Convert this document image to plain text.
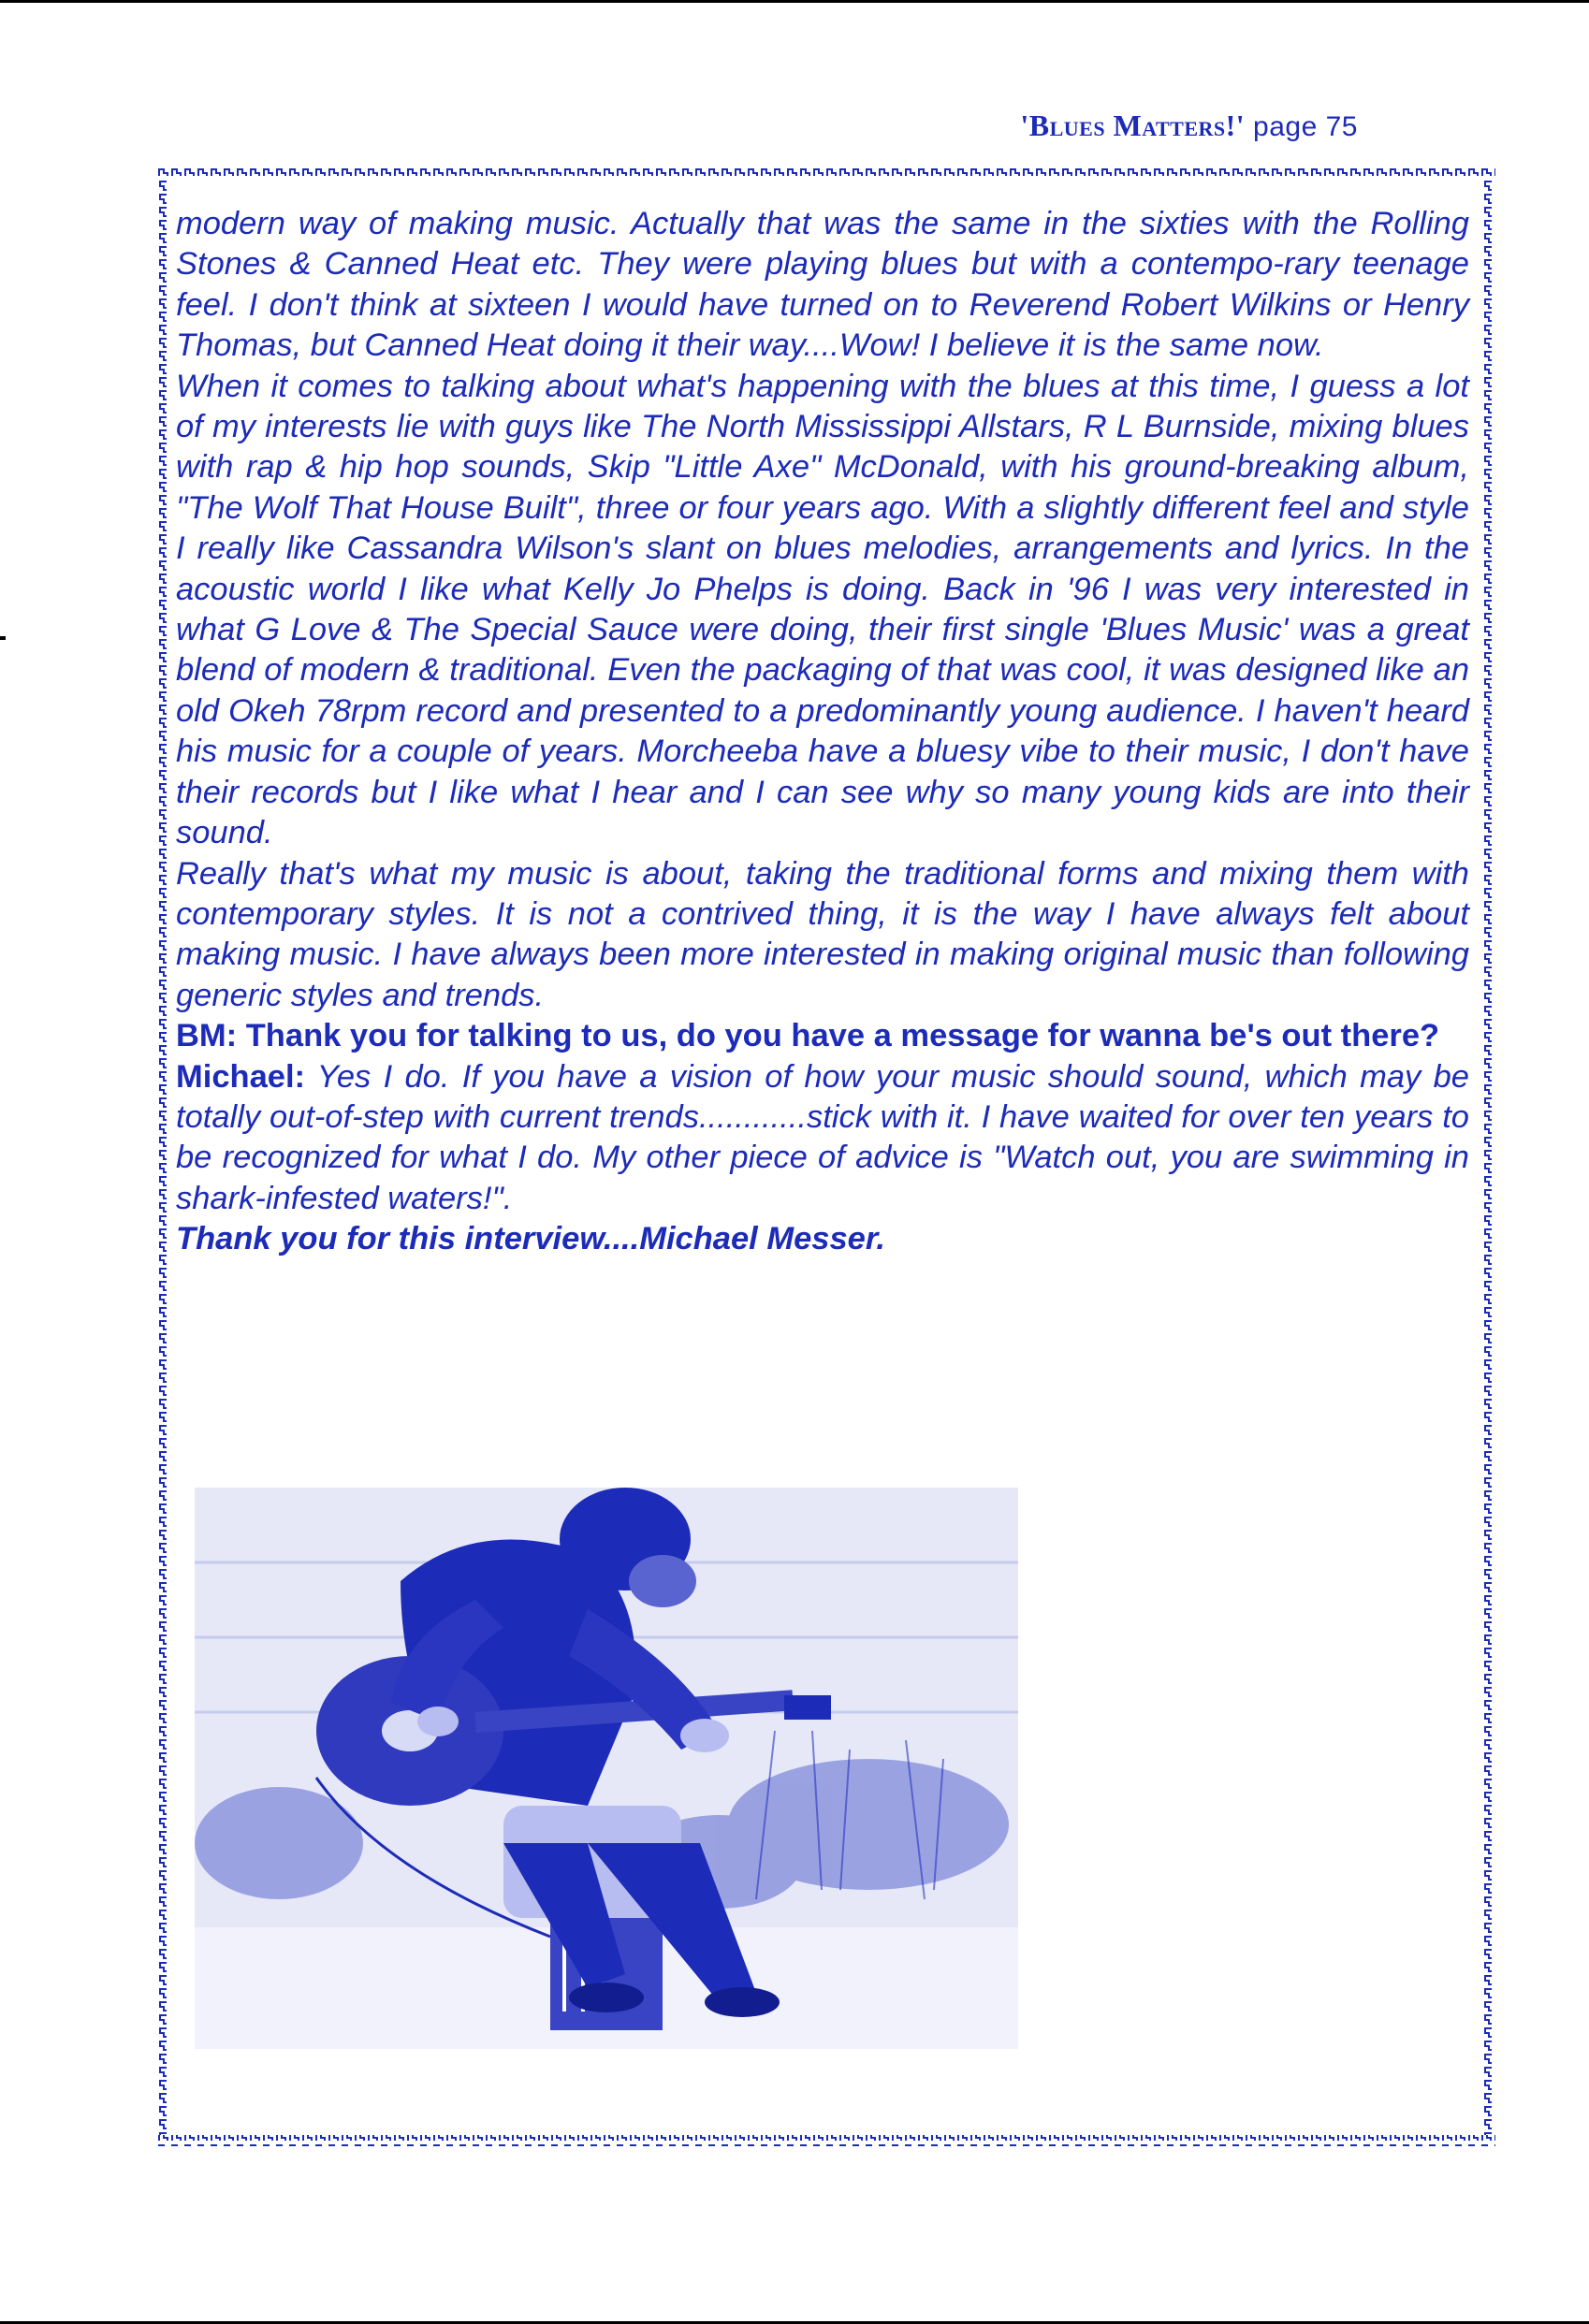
'Blues Matters!' page 75

modern way of making music. Actually that was the same in the sixties with the Rolling Stones & Canned Heat etc. They were playing blues but with a contempo-rary teenage feel. I don't think at sixteen I would have turned on to Reverend Robert Wilkins or Henry Thomas, but Canned Heat doing it their way....Wow! I believe it is the same now.

When it comes to talking about what's happening with the blues at this time, I guess a lot of my interests lie with guys like The North Mississippi Allstars, R L Burnside, mixing blues with rap & hip hop sounds, Skip "Little Axe" McDonald, with his ground-breaking album, "The Wolf That House Built", three or four years ago. With a slightly different feel and style I really like Cassandra Wilson's slant on blues melodies, arrangements and lyrics. In the acoustic world I like what Kelly Jo Phelps is doing. Back in '96 I was very interested in what G Love & The Special Sauce were doing, their first single 'Blues Music' was a great blend of modern & traditional. Even the packaging of that was cool, it was designed like an old Okeh 78rpm record and presented to a predominantly young audience. I haven't heard his music for a couple of years. Morcheeba have a bluesy vibe to their music, I don't have their records but I like what I hear and I can see why so many young kids are into their sound.

Really that's what my music is about, taking the traditional forms and mixing them with contemporary styles. It is not a contrived thing, it is the way I have always felt about making music. I have always been more interested in making original music than following generic styles and trends.

BM: Thank you for talking to us, do you have a message for wanna be's out there?

Michael: Yes I do. If you have a vision of how your music should sound, which may be totally out-of-step with current trends............stick with it. I have waited for over ten years to be recognized for what I do. My other piece of advice is "Watch out, you are swimming in shark-infested waters!".

Thank you for this interview....Michael Messer.
